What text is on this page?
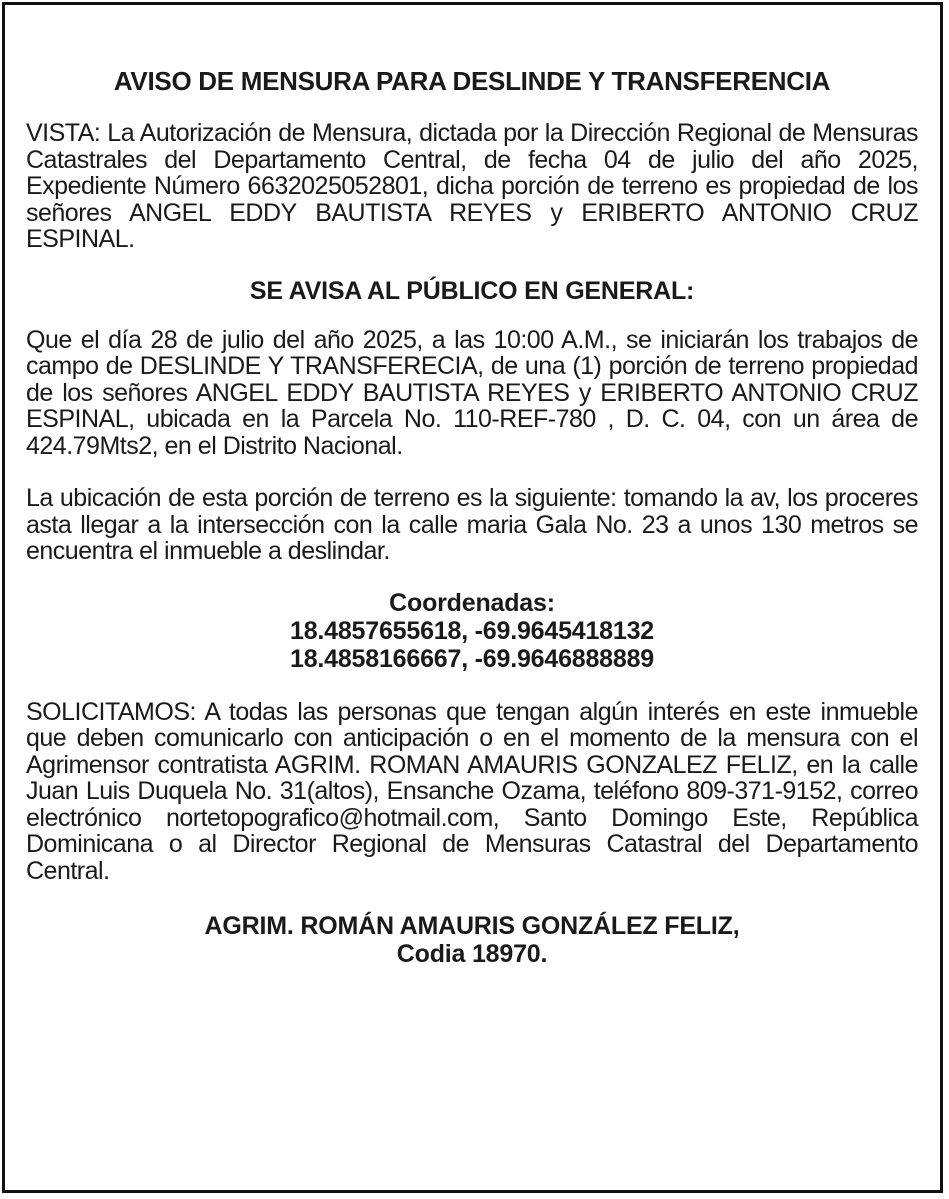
AVISO DE MENSURA PARA DESLINDE Y TRANSFERENCIA

VISTA: La Autorización de Mensura, dictada por la Dirección Regional de Mensuras Catastrales del Departamento Central, de fecha 04 de julio del año 2025, Expediente Número 6632025052801, dicha porción de terreno es propiedad de los señores ANGEL EDDY BAUTISTA REYES y ERIBERTO ANTONIO CRUZ ESPINAL.

SE AVISA AL PÚBLICO EN GENERAL:

Que el día 28 de julio del año 2025, a las 10:00 A.M., se iniciarán los trabajos de campo de DESLINDE Y TRANSFERECIA, de una (1) porción de terreno propiedad de los señores ANGEL EDDY BAUTISTA REYES y ERIBERTO ANTONIO CRUZ ESPINAL, ubicada en la Parcela No. 110-REF-780 , D. C. 04, con un área de 424.79Mts2, en el Distrito Nacional.

La ubicación de esta porción de terreno es la siguiente: tomando la av, los proceres asta llegar a la intersección con la calle maria Gala No. 23 a unos 130 metros se encuentra el inmueble a deslindar.

Coordenadas:

18.4857655618, -69.9645418132

18.4858166667, -69.9646888889

SOLICITAMOS: A todas las personas que tengan algún interés en este inmueble que deben comunicarlo con anticipación o en el momento de la mensura con el Agrimensor contratista AGRIM. ROMAN AMAURIS GONZALEZ FELIZ, en la calle Juan Luis Duquela No. 31(altos), Ensanche Ozama, teléfono 809-371-9152, correo electrónico nortetopografico@hotmail.com, Santo Domingo Este, República Dominicana o al Director Regional de Mensuras Catastral del Departamento Central.

AGRIM. ROMÁN AMAURIS GONZÁLEZ FELIZ,

Codia 18970.
